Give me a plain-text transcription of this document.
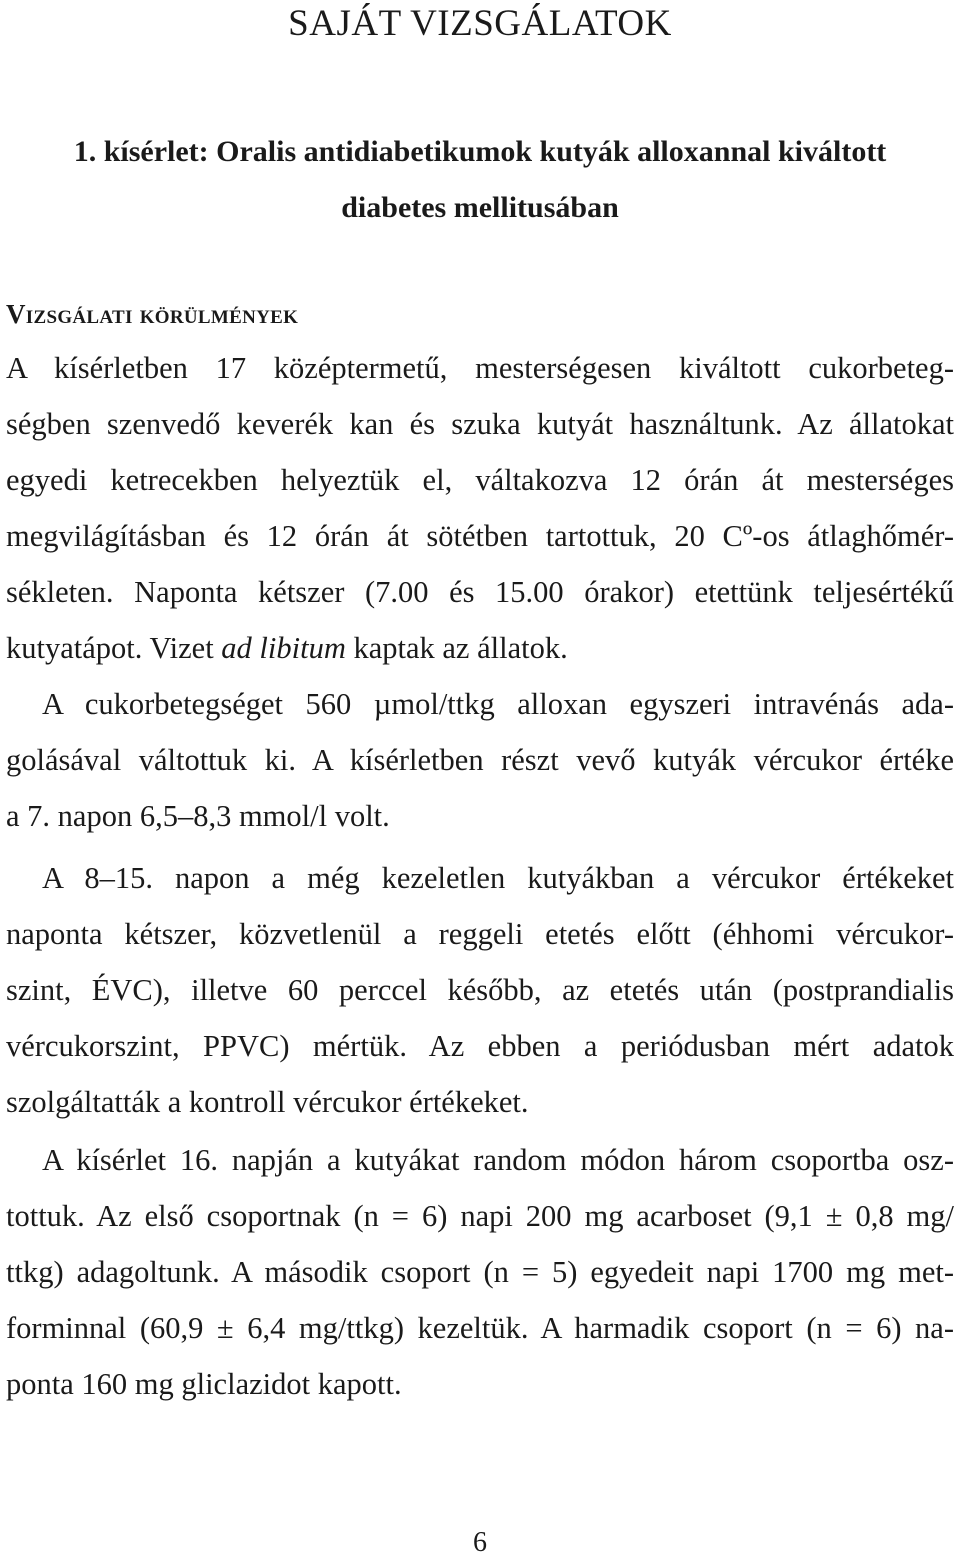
SAJÁT VIZSGÁLATOK
1. kísérlet: Oralis antidiabetikumok kutyák alloxannal kiváltott
diabetes mellitusában
Vizsgálati körülmények
A kísérletben 17 középtermetű, mesterségesen kiváltott cukorbeteg-
ségben szenvedő keverék kan és szuka kutyát használtunk. Az állatokat
egyedi ketrecekben helyeztük el, váltakozva 12 órán át mesterséges
megvilágításban és 12 órán át sötétben tartottuk, 20 Cº-os átlaghőmér-
sékleten. Naponta kétszer (7.00 és 15.00 órakor) etettünk teljesértékű
kutyatápot. Vizet ad libitum kaptak az állatok.
A cukorbetegséget 560 µmol/ttkg alloxan egyszeri intravénás ada-
golásával váltottuk ki. A kísérletben részt vevő kutyák vércukor értéke
a 7. napon 6,5–8,3 mmol/l volt.
A 8–15. napon a még kezeletlen kutyákban a vércukor értékeket
naponta kétszer, közvetlenül a reggeli etetés előtt (éhhomi vércukor-
szint, ÉVC), illetve 60 perccel később, az etetés után (postprandialis
vércukorszint, PPVC) mértük. Az ebben a periódusban mért adatok
szolgáltatták a kontroll vércukor értékeket.
A kísérlet 16. napján a kutyákat random módon három csoportba osz-
tottuk. Az első csoportnak (n = 6) napi 200 mg acarboset (9,1 ± 0,8 mg/
ttkg) adagoltunk. A második csoport (n = 5) egyedeit napi 1700 mg met-
forminnal (60,9 ± 6,4 mg/ttkg) kezeltük. A harmadik csoport (n = 6) na-
ponta 160 mg gliclazidot kapott.
6
